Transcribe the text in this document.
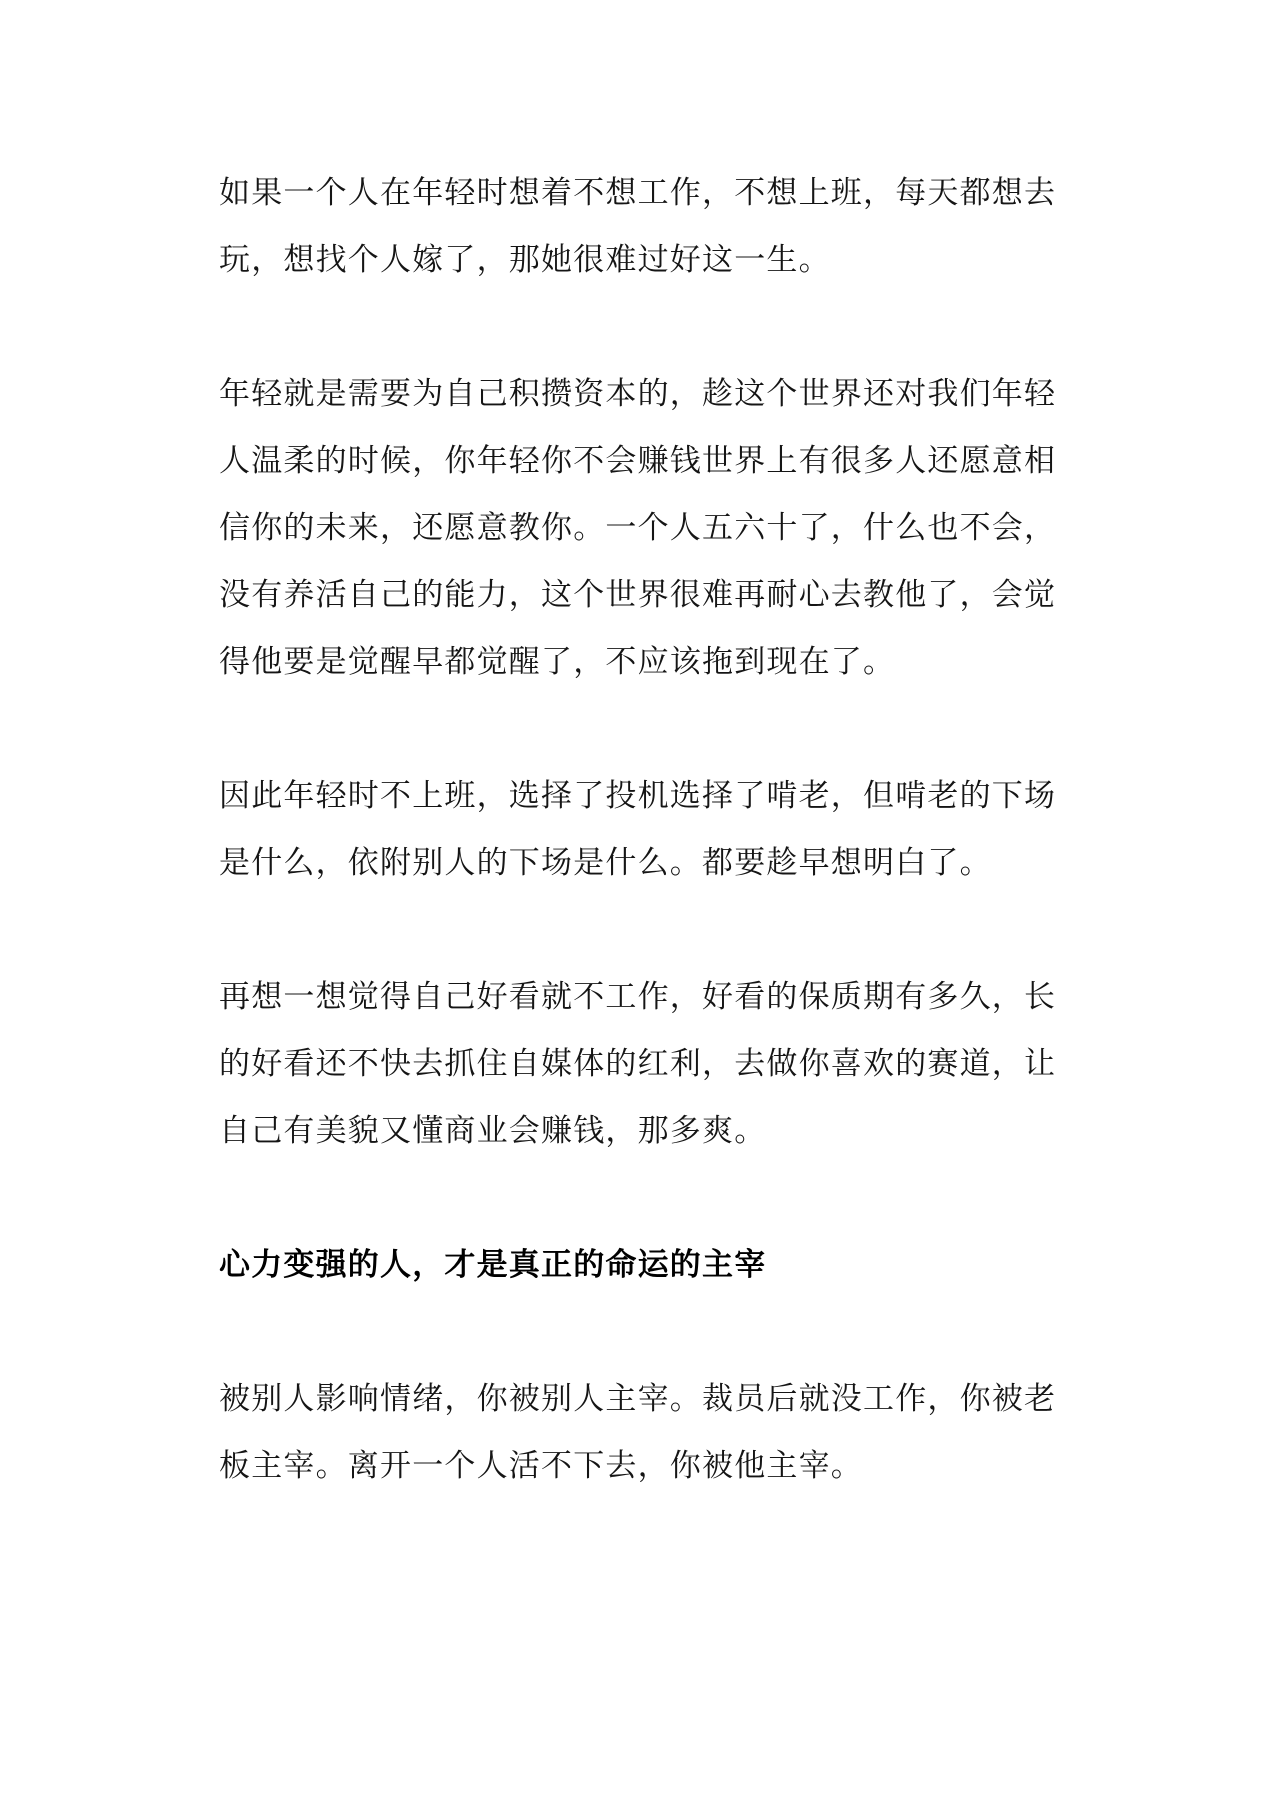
如果一个人在年轻时想着不想工作，不想上班，每天都想去
玩，想找个人嫁了，那她很难过好这一生。

年轻就是需要为自己积攒资本的，趁这个世界还对我们年轻
人温柔的时候，你年轻你不会赚钱世界上有很多人还愿意相
信你的未来，还愿意教你。一个人五六十了，什么也不会，
没有养活自己的能力，这个世界很难再耐心去教他了，会觉
得他要是觉醒早都觉醒了，不应该拖到现在了。

因此年轻时不上班，选择了投机选择了啃老，但啃老的下场
是什么，依附别人的下场是什么。都要趁早想明白了。

再想一想觉得自己好看就不工作，好看的保质期有多久，长
的好看还不快去抓住自媒体的红利，去做你喜欢的赛道，让
自己有美貌又懂商业会赚钱，那多爽。

心力变强的人，才是真正的命运的主宰

被别人影响情绪，你被别人主宰。裁员后就没工作，你被老
板主宰。离开一个人活不下去，你被他主宰。
